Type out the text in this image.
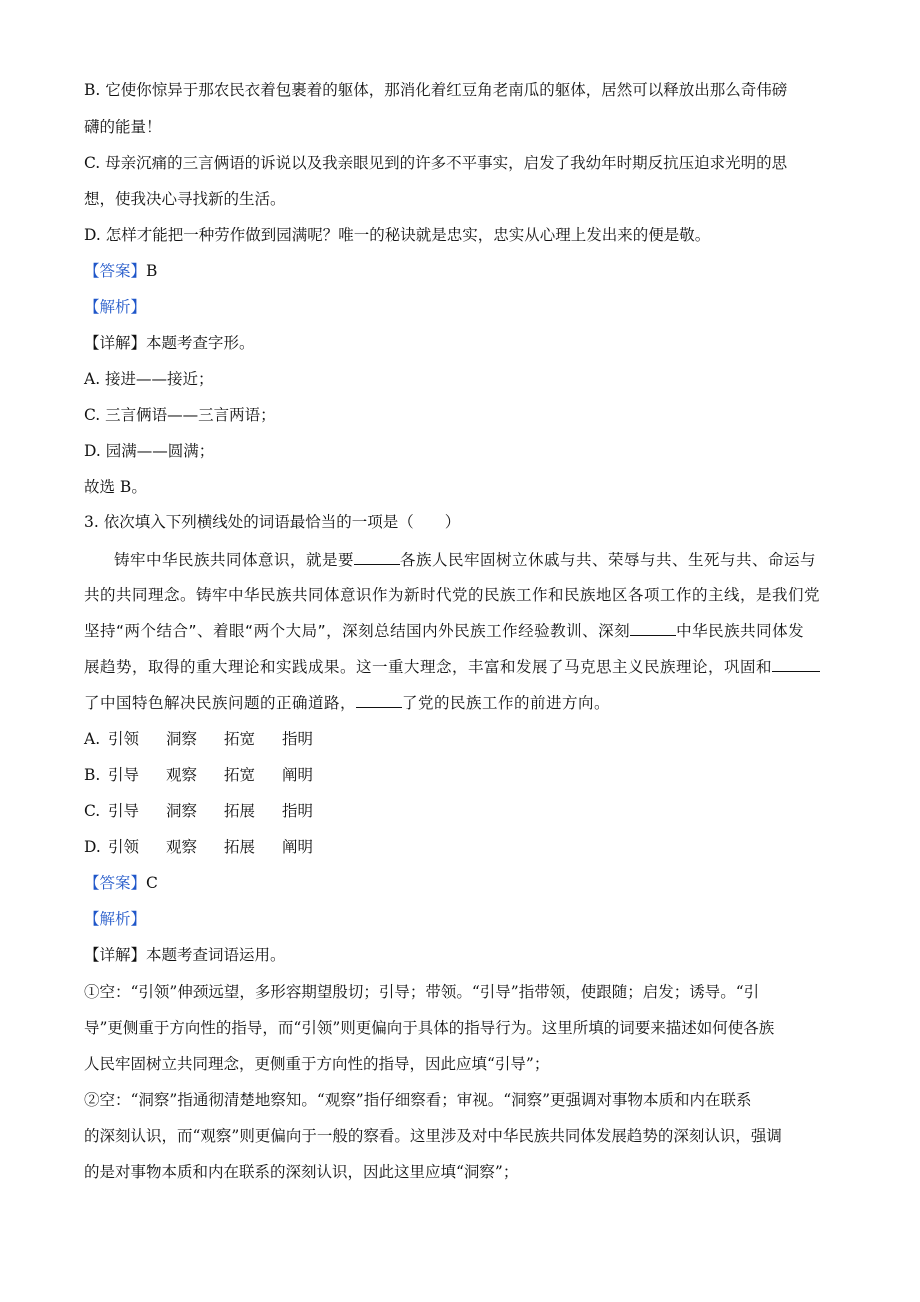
B. 它使你惊异于那农民衣着包裹着的躯体，那消化着红豆角老南瓜的躯体，居然可以释放出那么奇伟磅
礴的能量！
C. 母亲沉痛的三言俩语的诉说以及我亲眼见到的许多不平事实，启发了我幼年时期反抗压迫求光明的思
想，使我决心寻找新的生活。
D. 怎样才能把一种劳作做到园满呢？唯一的秘诀就是忠实，忠实从心理上发出来的便是敬。
【答案】B
【解析】
【详解】本题考查字形。
A. 接进——接近；
C. 三言俩语——三言两语；
D. 园满——圆满；
故选 B。
3. 依次填入下列横线处的词语最恰当的一项是（　　）
铸牢中华民族共同体意识，就是要	各族人民牢固树立休戚与共、荣辱与共、生死与共、命运与
共的共同理念。铸牢中华民族共同体意识作为新时代党的民族工作和民族地区各项工作的主线，是我们党
坚持“两个结合”、着眼“两个大局”，深刻总结国内外民族工作经验教训、深刻	中华民族共同体发
展趋势，取得的重大理论和实践成果。这一重大理念，丰富和发展了马克思主义民族理论，巩固和
了中国特色解决民族问题的正确道路，	了党的民族工作的前进方向。
A. 引领 洞察 拓宽 指明
B. 引导 观察 拓宽 阐明
C. 引导 洞察 拓展 指明
D. 引领 观察 拓展 阐明
【答案】C
【解析】
【详解】本题考查词语运用。
①空：“引领”伸颈远望，多形容期望殷切；引导；带领。“引导”指带领，使跟随；启发；诱导。“引
导”更侧重于方向性的指导，而“引领”则更偏向于具体的指导行为。这里所填的词要来描述如何使各族
人民牢固树立共同理念，更侧重于方向性的指导，因此应填“引导”；
②空：“洞察”指通彻清楚地察知。“观察”指仔细察看；审视。“洞察”更强调对事物本质和内在联系
的深刻认识，而“观察”则更偏向于一般的察看。这里涉及对中华民族共同体发展趋势的深刻认识，强调
的是对事物本质和内在联系的深刻认识，因此这里应填“洞察”；
